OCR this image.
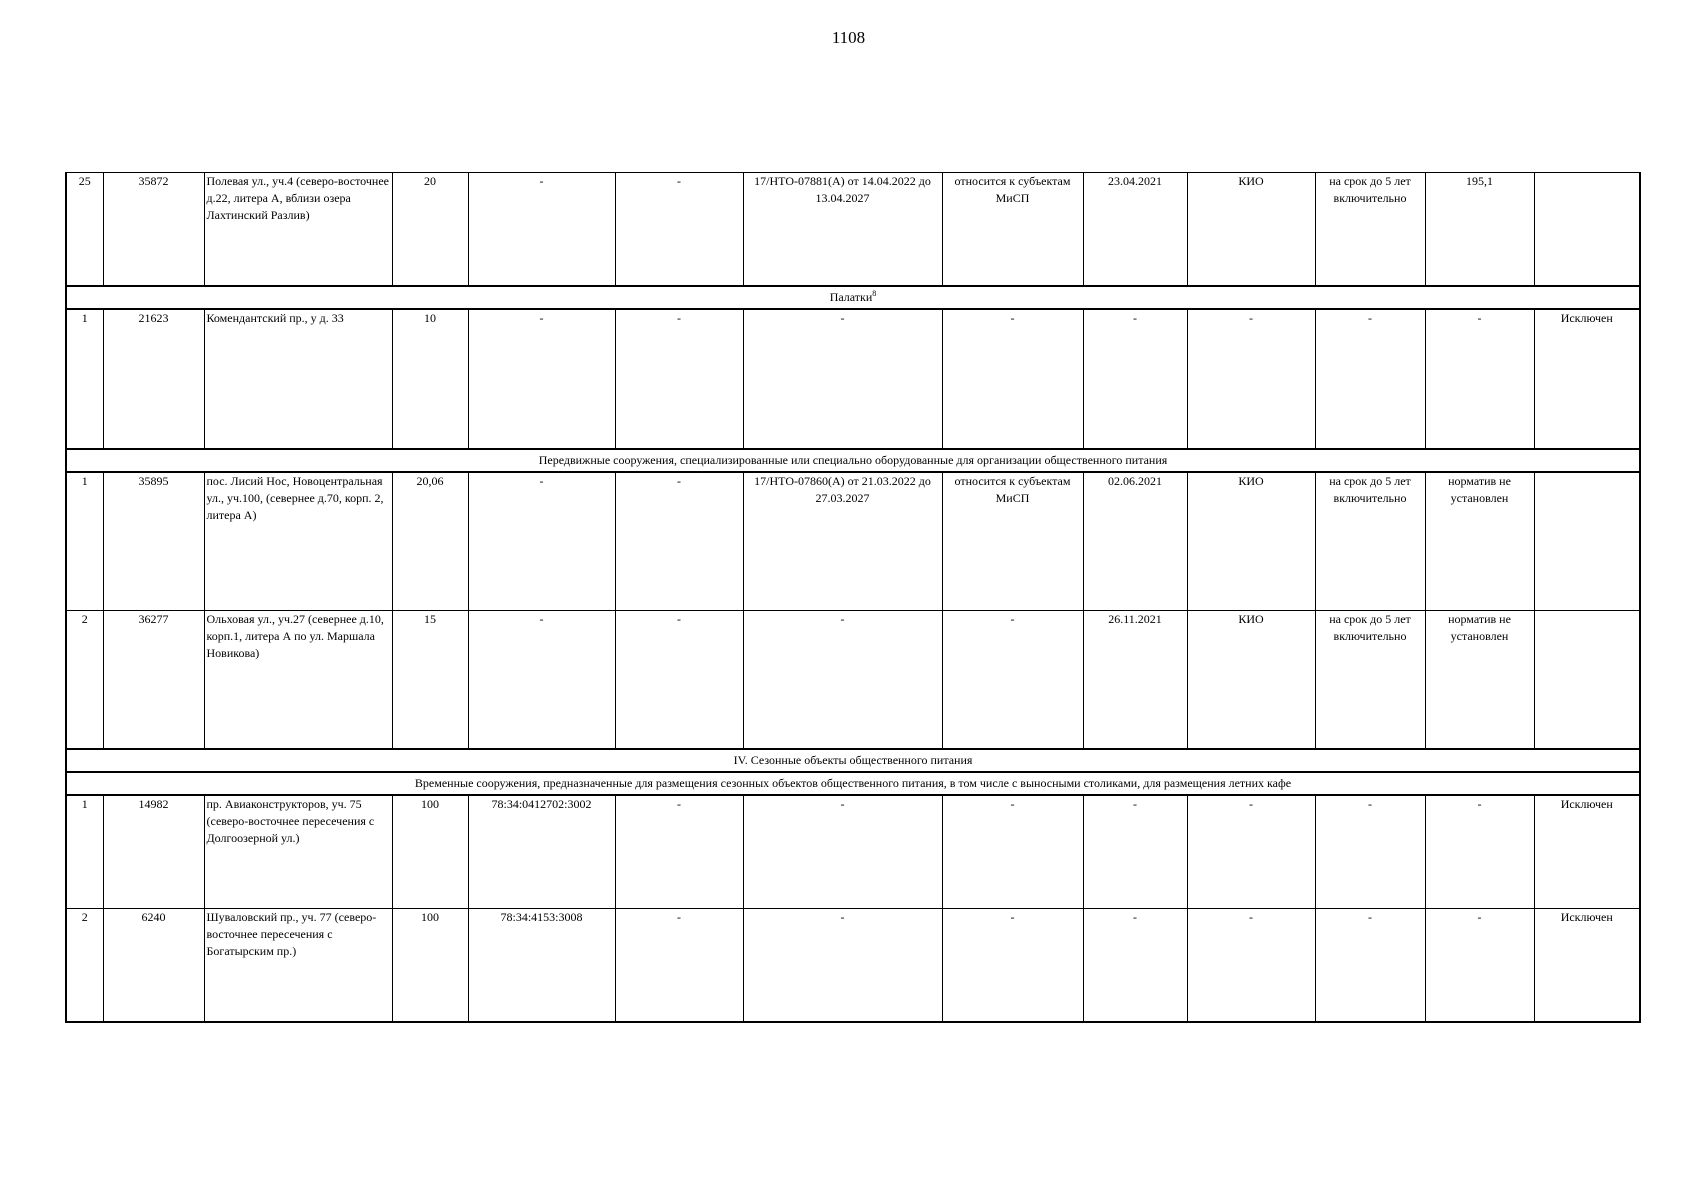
1108
25	35872	Полевая ул., уч.4 (северо-восточнее д.22, литера А, вблизи озера Лахтинский Разлив)	20	-	-	17/НТО-07881(А) от 14.04.2022 до 13.04.2027	относится к субъектам МиСП	23.04.2021	КИО	на срок до 5 лет включительно	195,1	
Палатки$^8$
1	21623	Комендантский пр., у д. 33	10	-	-	-	-	-	-	-	-	Исключен
Передвижные сооружения, специализированные или специально оборудованные для организации общественного питания												
1	35895	пос. Лисий Нос, Новоцентральная ул., уч.100, (севернее д.70, корп. 2, литера А)	20,06	-	-	17/НТО-07860(А) от 21.03.2022 до 27.03.2027	относится к субъектам МиСП	02.06.2021	КИО	на срок до 5 лет включительно	норматив не установлен	
2	36277	Ольховая ул., уч.27 (севернее д.10, корп.1, литера А по ул. Маршала Новикова)	15	-	-	-	-	26.11.2021	КИО	на срок до 5 лет включительно	норматив не установлен	
IV. Сезонные объекты общественного питания												
Временные сооружения, предназначенные для размещения сезонных объектов общественного питания, в том числе с выносными столиками, для размещения летних кафе												
1	14982	пр. Авиаконструкторов, уч. 75 (северо-восточнее пересечения с Долгоозерной ул.)	100	78:34:0412702:3002	-	-	-	-	-	-	-	Исключен
2	6240	Шуваловский пр., уч. 77 (северо-восточнее пересечения с Богатырским пр.)	100	78:34:4153:3008	-	-	-	-	-	-	-	Исключен
